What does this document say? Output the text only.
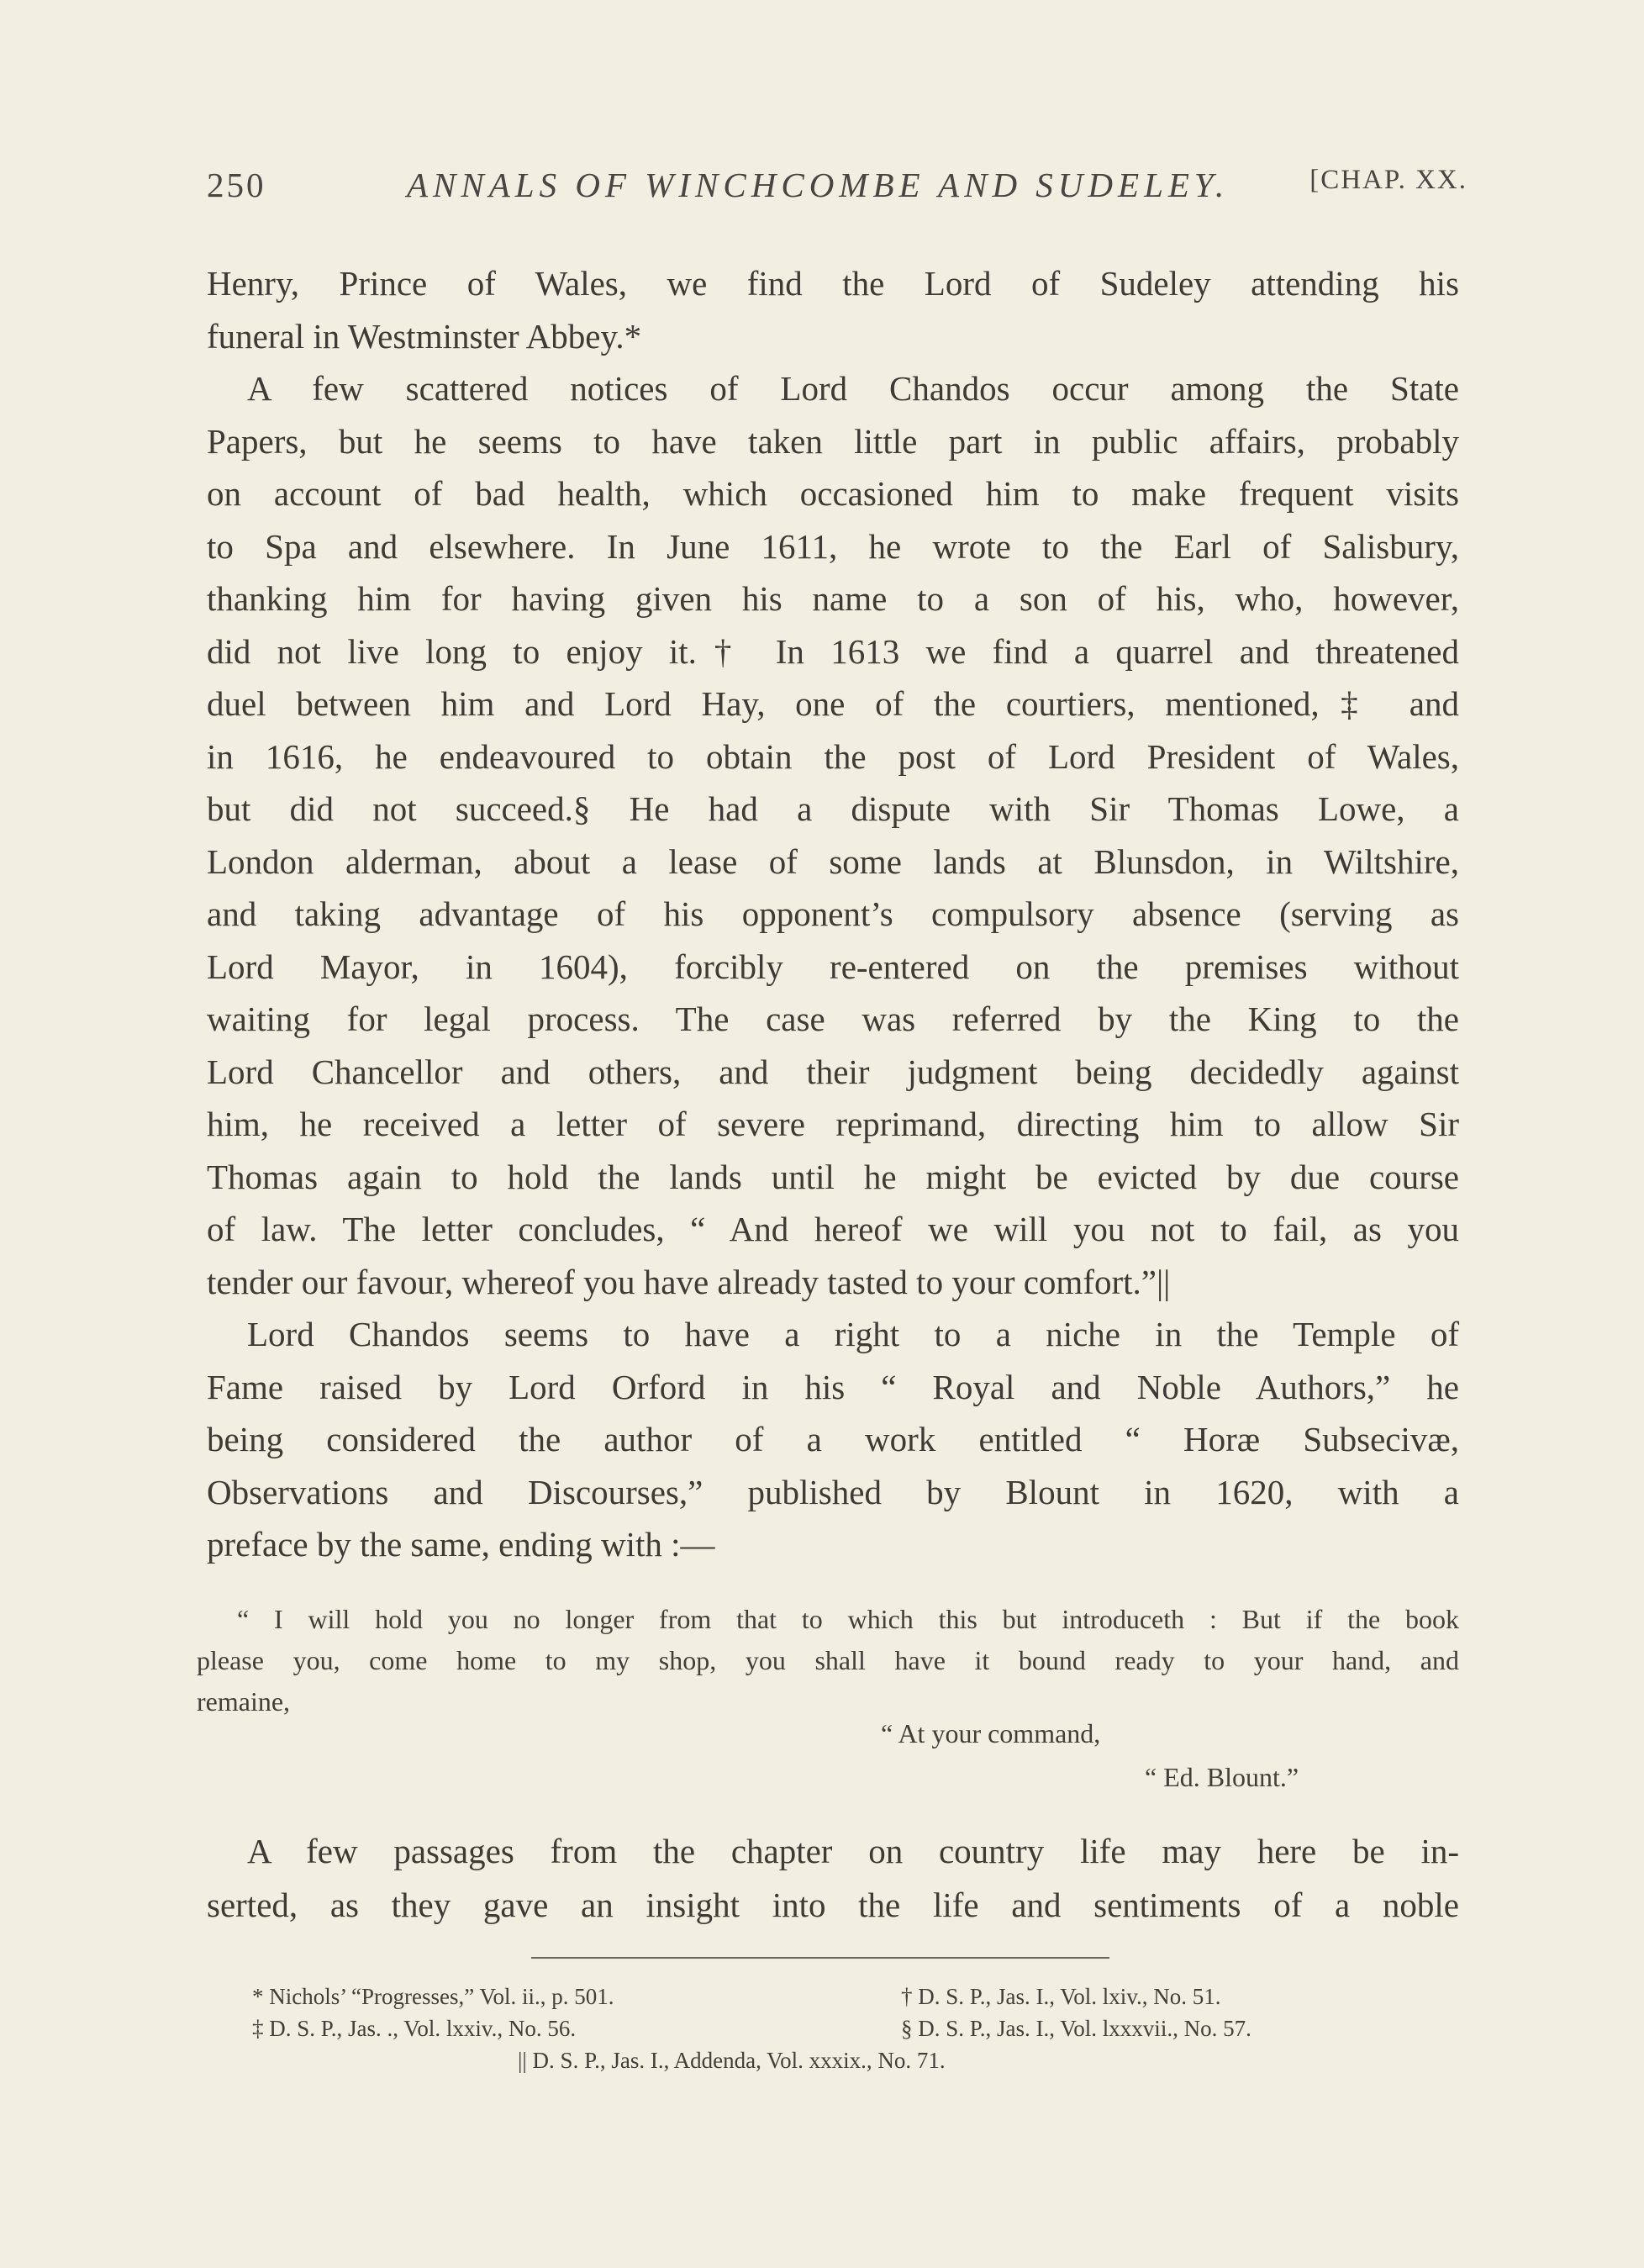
250	ANNALS OF WINCHCOMBE AND SUDELEY.	[CHAP. XX.
Henry, Prince of Wales, we find the Lord of Sudeley attending his
funeral in Westminster Abbey.*
A few scattered notices of Lord Chandos occur among the State
Papers, but he seems to have taken little part in public affairs, probably
on account of bad health, which occasioned him to make frequent visits
to Spa and elsewhere. In June 1611, he wrote to the Earl of Salisbury,
thanking him for having given his name to a son of his, who, however,
did not live long to enjoy it.† In 1613 we find a quarrel and threatened
duel between him and Lord Hay, one of the courtiers, mentioned,‡ and
in 1616, he endeavoured to obtain the post of Lord President of Wales,
but did not succeed.§ He had a dispute with Sir Thomas Lowe, a
London alderman, about a lease of some lands at Blunsdon, in Wiltshire,
and taking advantage of his opponent’s compulsory absence (serving as
Lord Mayor, in 1604), forcibly re-entered on the premises without
waiting for legal process. The case was referred by the King to the
Lord Chancellor and others, and their judgment being decidedly against
him, he received a letter of severe reprimand, directing him to allow Sir
Thomas again to hold the lands until he might be evicted by due course
of law. The letter concludes, “ And hereof we will you not to fail, as you
tender our favour, whereof you have already tasted to your comfort.”||
Lord Chandos seems to have a right to a niche in the Temple of
Fame raised by Lord Orford in his “ Royal and Noble Authors,” he
being considered the author of a work entitled “ Horæ Subsecivæ,
Observations and Discourses,” published by Blount in 1620, with a
preface by the same, ending with :—
“ I will hold you no longer from that to which this but introduceth : But if the book
please you, come home to my shop, you shall have it bound ready to your hand, and
remaine,
“ At your command,
“ Ed. Blount.”
A few passages from the chapter on country life may here be in-
serted, as they gave an insight into the life and sentiments of a noble
* Nichols’ “Progresses,” Vol. ii., p. 501.	† D. S. P., Jas. I., Vol. lxiv., No. 51.
‡ D. S. P., Jas. ., Vol. lxxiv., No. 56.	§ D. S. P., Jas. I., Vol. lxxxvii., No. 57.
|| D. S. P., Jas. I., Addenda, Vol. xxxix., No. 71.
